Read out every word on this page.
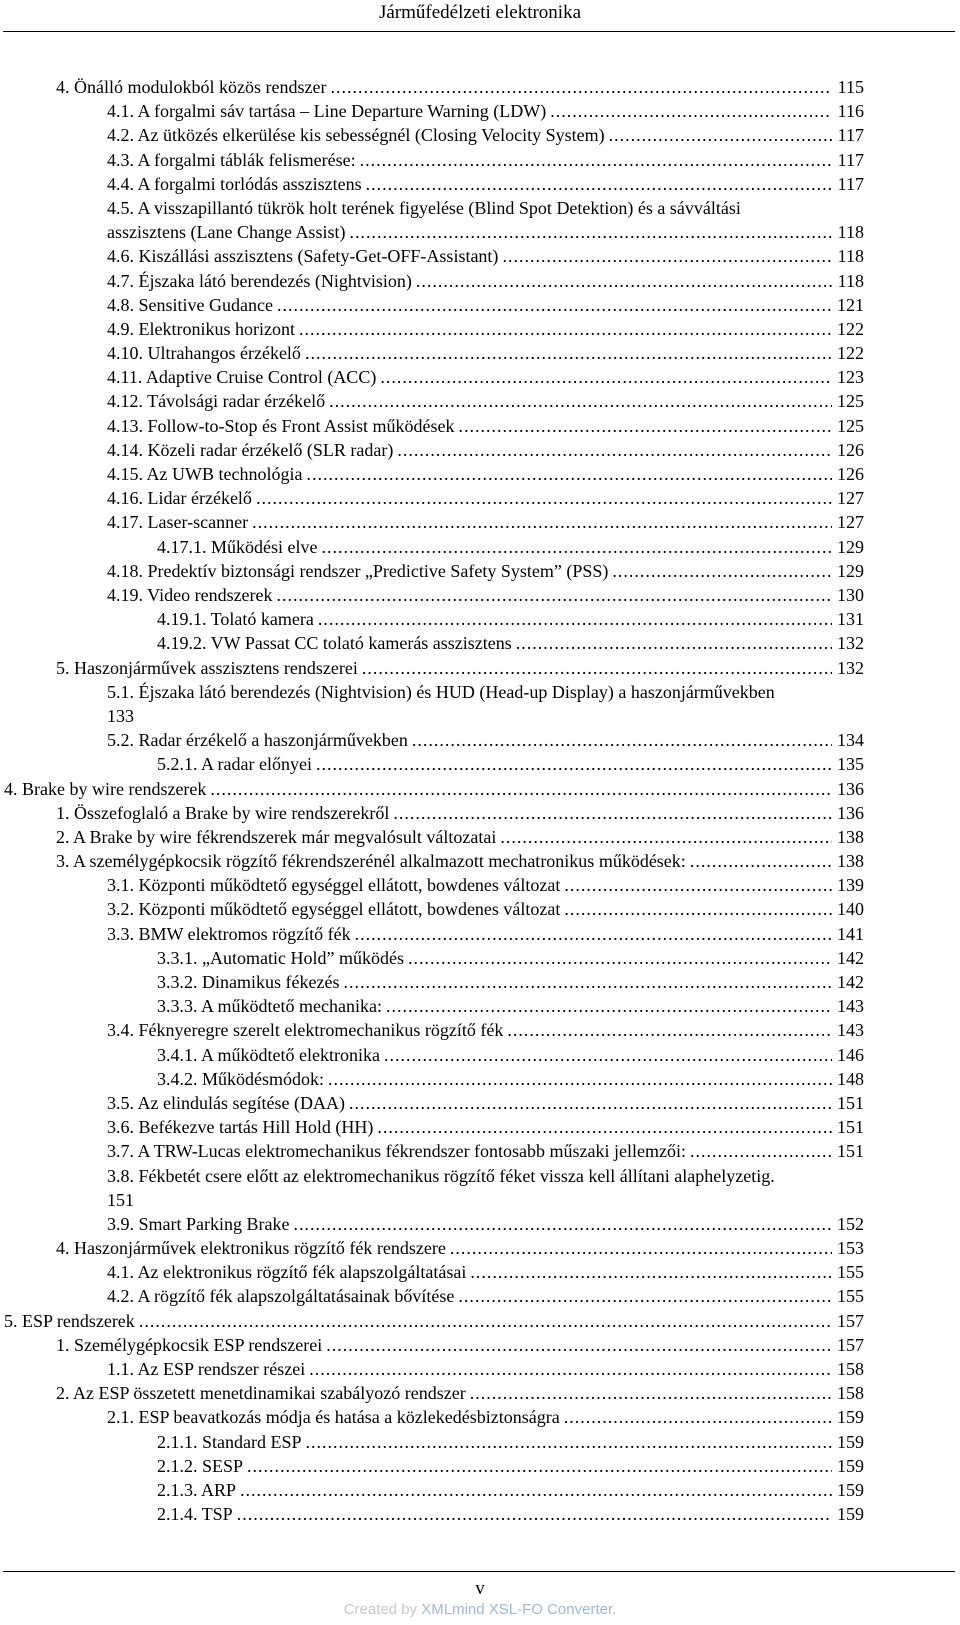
Járműfedélzeti elektronika
4. Önálló modulokból közös rendszer .....	115
4.1. A forgalmi sáv tartása – Line Departure Warning (LDW) .....	116
4.2. Az ütközés elkerülése kis sebességnél (Closing Velocity System) .....	117
4.3. A forgalmi táblák felismerése: .....	117
4.4. A forgalmi torlódás asszisztens .....	117
4.5. A visszapillantó tükrök holt terének figyelése (Blind Spot Detektion) és a sávváltási
asszisztens (Lane Change Assist) .....	118
4.6. Kiszállási asszisztens (Safety-Get-OFF-Assistant) .....	118
4.7. Éjszaka látó berendezés (Nightvision) .....	118
4.8. Sensitive Gudance .....	121
4.9. Elektronikus horizont .....	122
4.10. Ultrahangos érzékelő .....	122
4.11. Adaptive Cruise Control (ACC) .....	123
4.12. Távolsági radar érzékelő .....	125
4.13. Follow-to-Stop és Front Assist működések .....	125
4.14. Közeli radar érzékelő (SLR radar) .....	126
4.15. Az UWB technológia .....	126
4.16. Lidar érzékelő .....	127
4.17. Laser-scanner .....	127
4.17.1. Működési elve .....	129
4.18. Predektív biztonsági rendszer „Predictive Safety System” (PSS) .....	129
4.19. Video rendszerek .....	130
4.19.1. Tolató kamera .....	131
4.19.2. VW Passat CC tolató kamerás asszisztens .....	132
5. Haszonjárművek asszisztens rendszerei .....	132
5.1. Éjszaka látó berendezés (Nightvision) és HUD (Head-up Display) a haszonjárművekben
133
5.2. Radar érzékelő a haszonjárművekben .....	134
5.2.1. A radar előnyei .....	135
4. Brake by wire rendszerek .....	136
1. Összefoglaló a Brake by wire rendszerekről .....	136
2. A Brake by wire fékrendszerek már megvalósult változatai .....	138
3. A személygépkocsik rögzítő fékrendszerénél alkalmazott mechatronikus működések: .....	138
3.1. Központi működtető egységgel ellátott, bowdenes változat .....	139
3.2. Központi működtető egységgel ellátott, bowdenes változat .....	140
3.3. BMW elektromos rögzítő fék .....	141
3.3.1. „Automatic Hold” működés .....	142
3.3.2. Dinamikus fékezés .....	142
3.3.3. A működtető mechanika: .....	143
3.4. Féknyeregre szerelt elektromechanikus rögzítő fék .....	143
3.4.1. A működtető elektronika .....	146
3.4.2. Működésmódok: .....	148
3.5. Az elindulás segítése (DAA) .....	151
3.6. Befékezve tartás Hill Hold (HH) .....	151
3.7. A TRW-Lucas elektromechanikus fékrendszer fontosabb műszaki jellemzői: .....	151
3.8. Fékbetét csere előtt az elektromechanikus rögzítő féket vissza kell állítani alaphelyzetig.
151
3.9. Smart Parking Brake .....	152
4. Haszonjárművek elektronikus rögzítő fék rendszere .....	153
4.1. Az elektronikus rögzítő fék alapszolgáltatásai .....	155
4.2. A rögzítő fék alapszolgáltatásainak bővítése .....	155
5. ESP rendszerek .....	157
1. Személygépkocsik ESP rendszerei .....	157
1.1. Az ESP rendszer részei .....	158
2. Az ESP összetett menetdinamikai szabályozó rendszer .....	158
2.1. ESP beavatkozás módja és hatása a közlekedésbiztonságra .....	159
2.1.1. Standard ESP .....	159
2.1.2. SESP .....	159
2.1.3. ARP .....	159
2.1.4. TSP .....	159
v
Created by XMLmind XSL-FO Converter.
